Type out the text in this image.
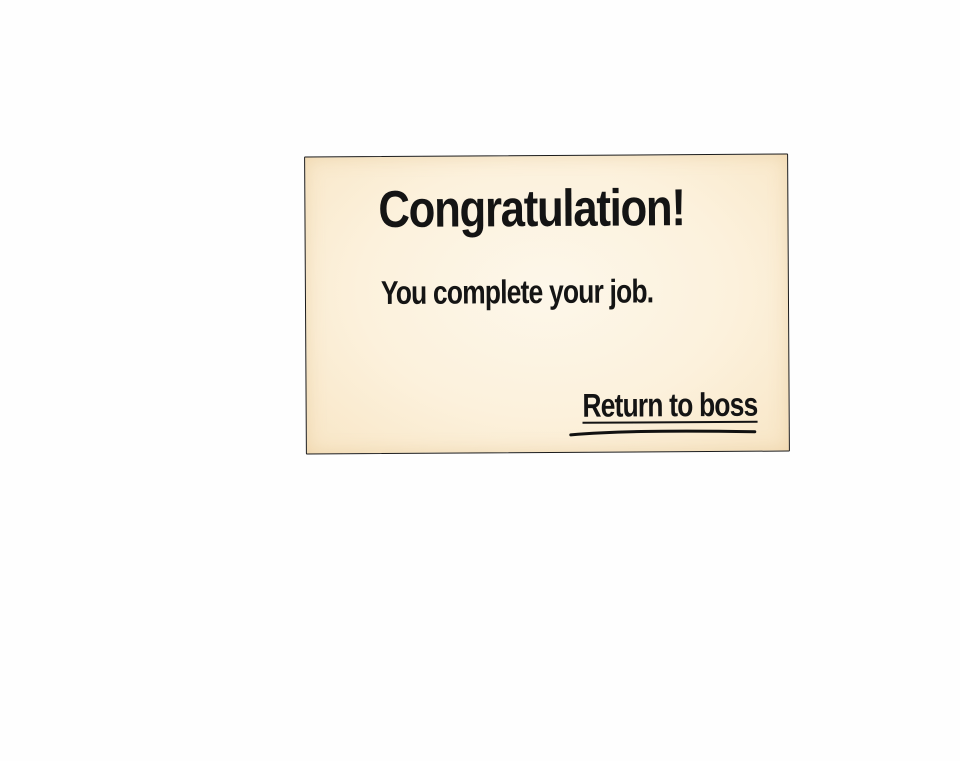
Congratulation!
You complete your job.
Return to boss
